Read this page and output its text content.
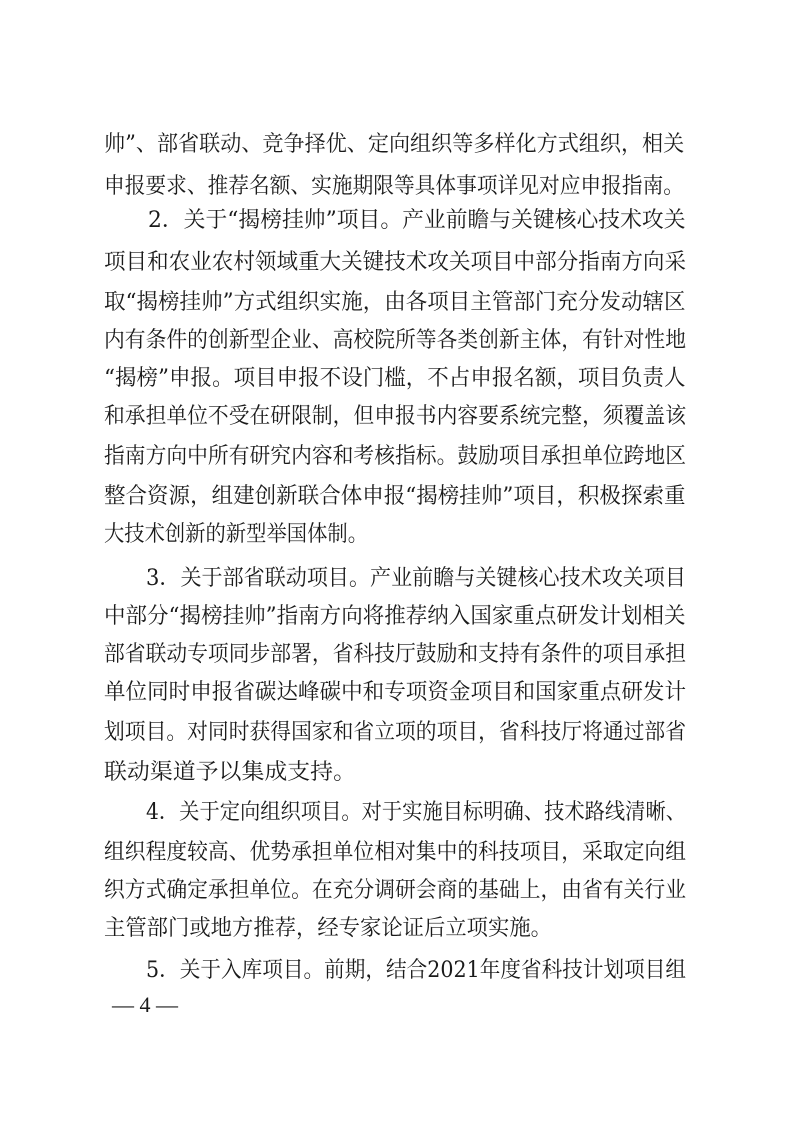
帅”、部省联动、竞争择优、定向组织等多样化方式组织，相关
申报要求、推荐名额、实施期限等具体事项详见对应申报指南。
2．关于“揭榜挂帅”项目。产业前瞻与关键核心技术攻关
项目和农业农村领域重大关键技术攻关项目中部分指南方向采
取“揭榜挂帅”方式组织实施，由各项目主管部门充分发动辖区
内有条件的创新型企业、高校院所等各类创新主体，有针对性地
“揭榜”申报。项目申报不设门槛，不占申报名额，项目负责人
和承担单位不受在研限制，但申报书内容要系统完整，须覆盖该
指南方向中所有研究内容和考核指标。鼓励项目承担单位跨地区
整合资源，组建创新联合体申报“揭榜挂帅”项目，积极探索重
大技术创新的新型举国体制。
3．关于部省联动项目。产业前瞻与关键核心技术攻关项目
中部分“揭榜挂帅”指南方向将推荐纳入国家重点研发计划相关
部省联动专项同步部署，省科技厅鼓励和支持有条件的项目承担
单位同时申报省碳达峰碳中和专项资金项目和国家重点研发计
划项目。对同时获得国家和省立项的项目，省科技厅将通过部省
联动渠道予以集成支持。
4．关于定向组织项目。对于实施目标明确、技术路线清晰、
组织程度较高、优势承担单位相对集中的科技项目，采取定向组
织方式确定承担单位。在充分调研会商的基础上，由省有关行业
主管部门或地方推荐，经专家论证后立项实施。
5．关于入库项目。前期，结合2021年度省科技计划项目组
— 4 —
